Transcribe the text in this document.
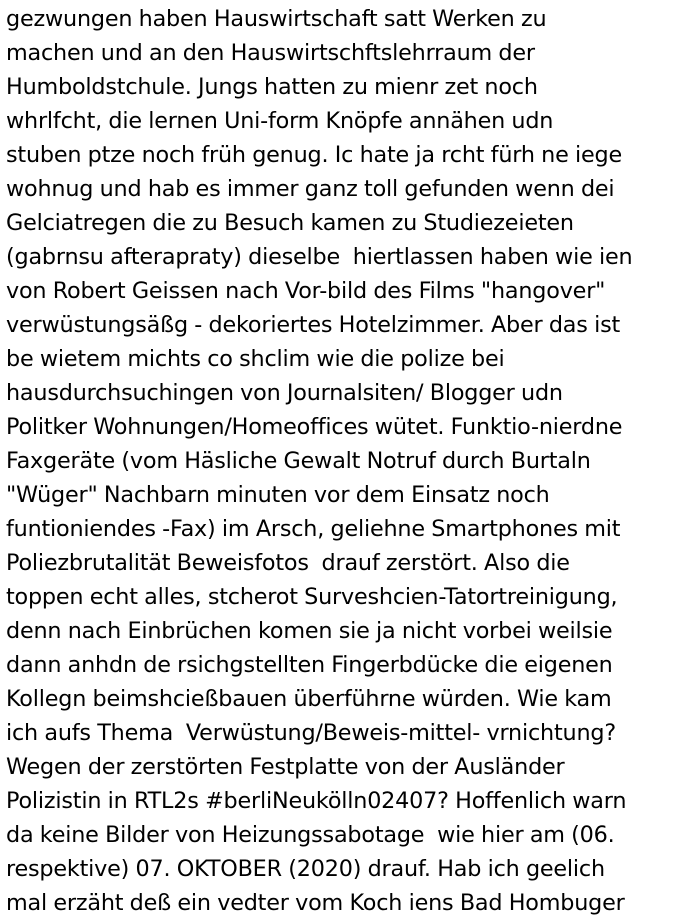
gezwungen haben Hauswirtschaft satt Werken zu
machen und an den Hauswirtschftslehrraum der
Humboldstchule. Jungs hatten zu mienr zet noch
whrlfcht, die lernen Uni-form Knöpfe annähen udn
stuben ptze noch früh genug. Ic hate ja rcht fürh ne iege
wohnug und hab es immer ganz toll gefunden wenn dei
Gelciatregen die zu Besuch kamen zu Studiezeieten
(gabrnsu afterapraty) dieselbe  hiertlassen haben wie ien
von Robert Geissen nach Vor-bild des Films "hangover"
verwüstungsäßg - dekoriertes Hotelzimmer. Aber das ist
be wietem michts co shclim wie die polize bei
hausdurchsuchingen von Journalsiten/ Blogger udn
Politker Wohnungen/Homeoffices wütet. Funktio-nierdne
Faxgeräte (vom Häsliche Gewalt Notruf durch Burtaln
"Wüger" Nachbarn minuten vor dem Einsatz noch
funtioniendes -Fax) im Arsch, geliehne Smartphones mit
Poliezbrutalität Beweisfotos  drauf zerstört. Also die
toppen echt alles, stcherot Surveshcien-Tatortreinigung,
denn nach Einbrüchen komen sie ja nicht vorbei weilsie
dann anhdn de rsichgstellten Fingerbdücke die eigenen
Kollegn beimshcießbauen überführne würden. Wie kam
ich aufs Thema  Verwüstung/Beweis-mittel- vrnichtung?
Wegen der zerstörten Festplatte von der Ausländer
Polizistin in RTL2s #berliNeukölln02407? Hoffenlich warn
da keine Bilder von Heizungssabotage  wie hier am (06.
respektive) 07. OKTOBER (2020) drauf. Hab ich geelich
mal erzäht deß ein vedter vom Koch iens Bad Hombuger
